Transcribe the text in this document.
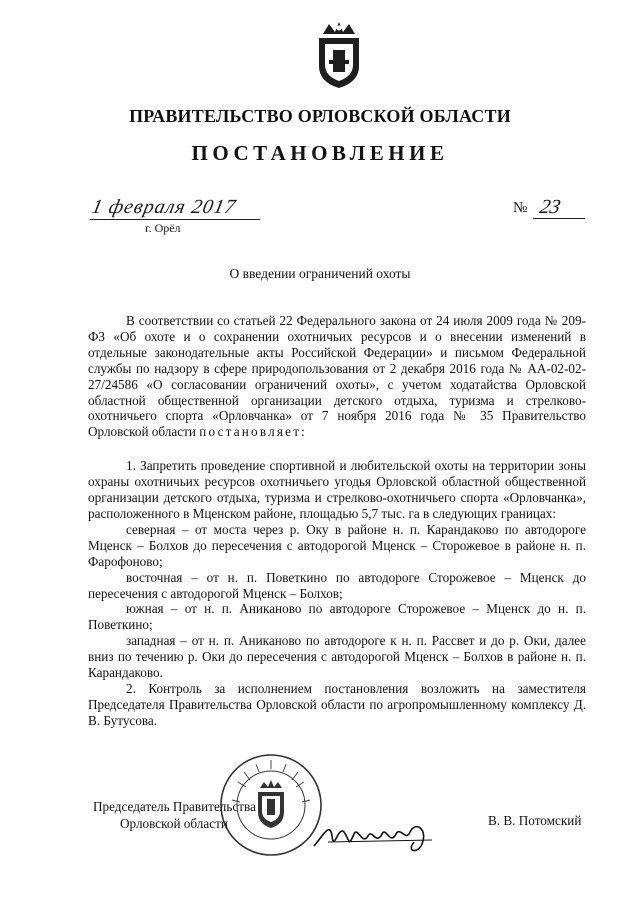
ПРАВИТЕЛЬСТВО ОРЛОВСКОЙ ОБЛАСТИ
ПОСТАНОВЛЕНИЕ
1 февраля 2017
г. Орёл
№ 23
О введении ограничений охоты

В соответствии со статьей 22 Федерального закона от 24 июля 2009 года № 209-ФЗ «Об охоте и о сохранении охотничьих ресурсов и о внесении изменений в отдельные законодательные акты Российской Федерации» и письмом Федеральной службы по надзору в сфере природопользования от 2 декабря 2016 года № АА-02-02-27/24586 «О согласовании ограничений охоты», с учетом ходатайства Орловской областной общественной организации детского отдыха, туризма и стрелково-охотничьего спорта «Орловчанка» от 7 ноября 2016 года № 35 Правительство Орловской области постановляет:

1. Запретить проведение спортивной и любительской охоты на территории зоны охраны охотничьих ресурсов охотничьего угодья Орловской областной общественной организации детского отдыха, туризма и стрелково-охотничьего спорта «Орловчанка», расположенного в Мценском районе, площадью 5,7 тыс. га в следующих границах:

северная – от моста через р. Оку в районе н. п. Карандаково по автодороге Мценск – Болхов до пересечения с автодорогой Мценск – Сторожевое в районе н. п. Фарофоново;

восточная – от н. п. Поветкино по автодороге Сторожевое – Мценск до пересечения с автодорогой Мценск – Болхов;

южная – от н. п. Аниканово по автодороге Сторожевое – Мценск до н. п. Поветкино;

западная – от н. п. Аниканово по автодороге к н. п. Рассвет и до р. Оки, далее вниз по течению р. Оки до пересечения с автодорогой Мценск – Болхов в районе н. п. Карандаково.

2. Контроль за исполнением постановления возложить на заместителя Председателя Правительства Орловской области по агропромышленному комплексу Д. В. Бутусова.

Председатель Правительства
Орловской области	В. В. Потомский
